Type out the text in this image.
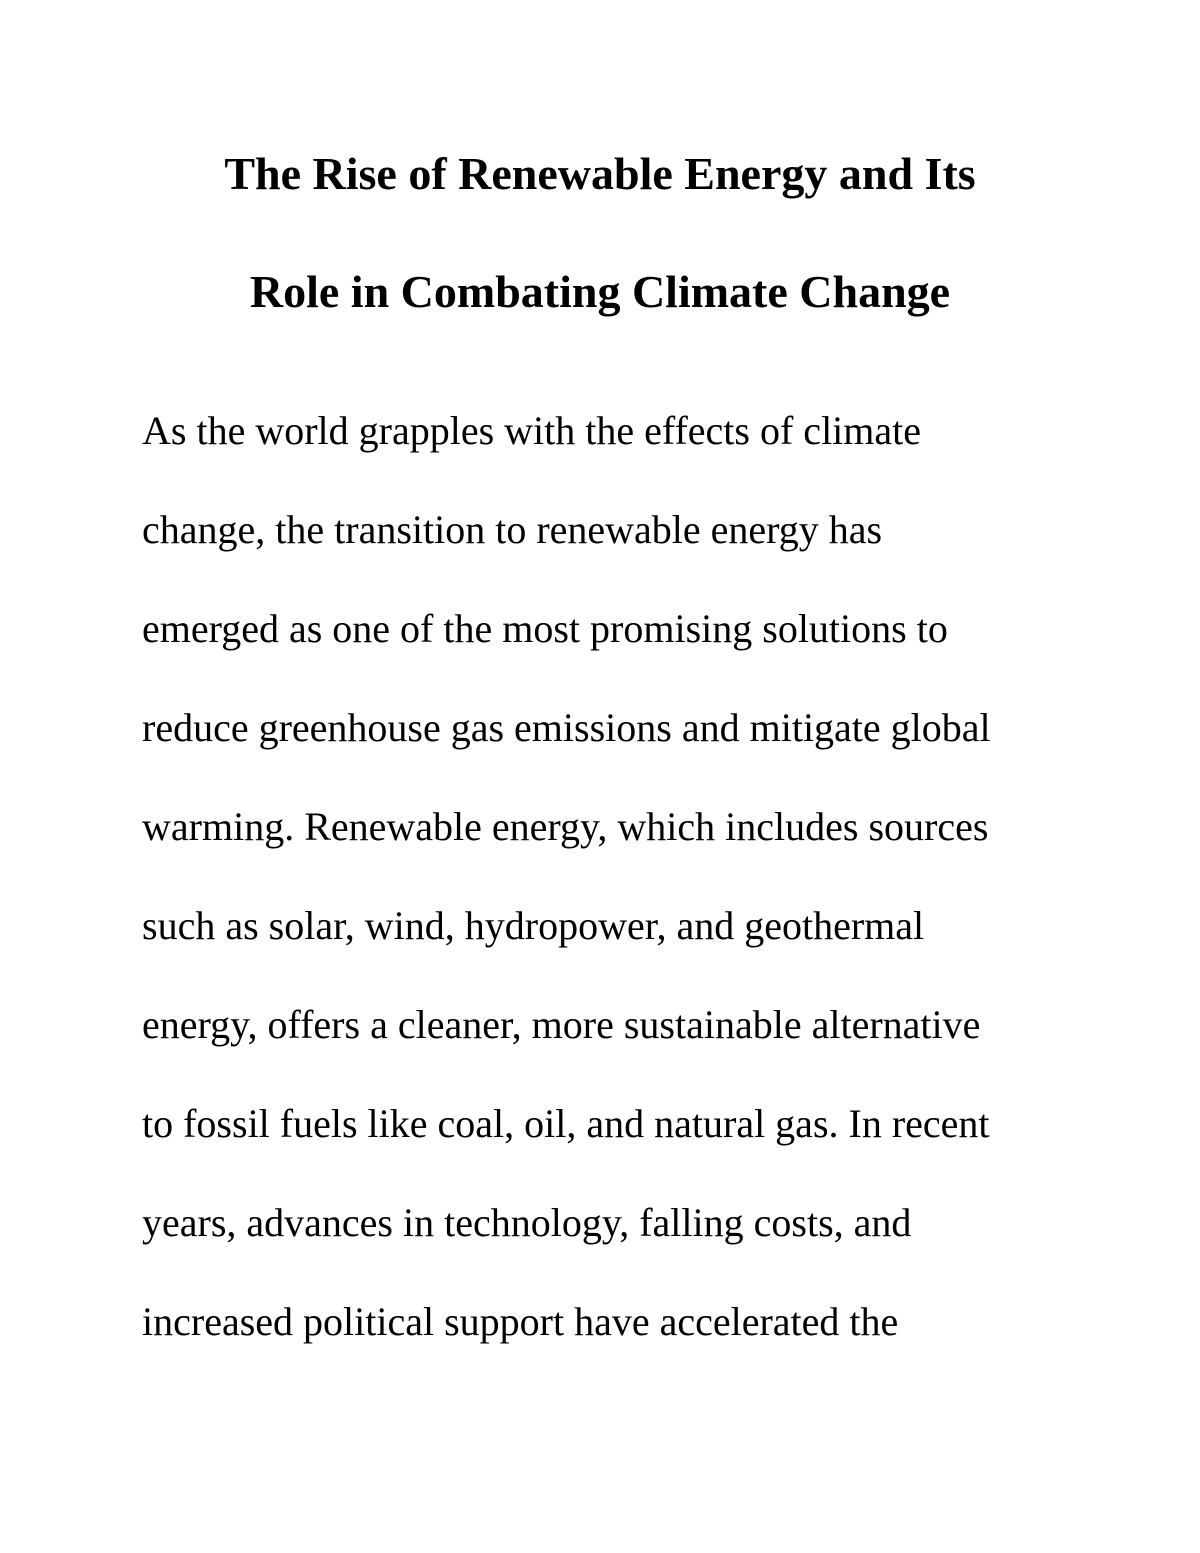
The Rise of Renewable Energy and Its
Role in Combating Climate Change

As the world grapples with the effects of climate

change, the transition to renewable energy has

emerged as one of the most promising solutions to

reduce greenhouse gas emissions and mitigate global

warming. Renewable energy, which includes sources

such as solar, wind, hydropower, and geothermal

energy, offers a cleaner, more sustainable alternative

to fossil fuels like coal, oil, and natural gas. In recent

years, advances in technology, falling costs, and

increased political support have accelerated the
